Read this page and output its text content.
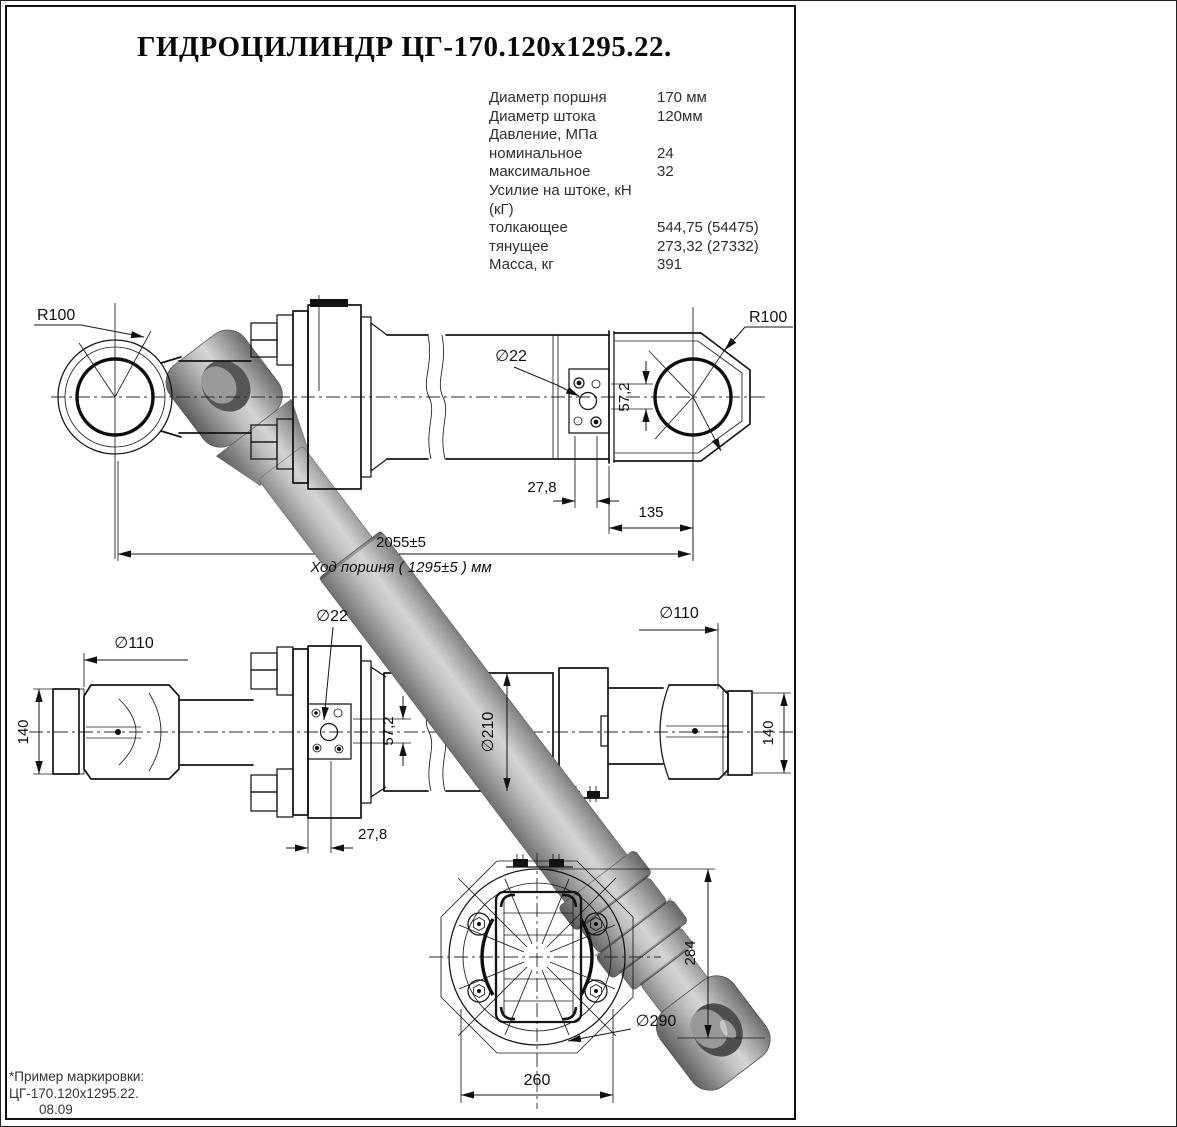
R100	R100
∅22
57,2
27,8
135
2055±5
Ход поршня ( 1295±5 ) мм
∅110
140
∅22
57,2	∅210
∅110
140
27,8
260
284
∅290
ГИДРОЦИЛИНДР ЦГ-170.120х1295.22.
Диаметр поршня	170 мм
Диаметр штока	120мм
Давление, МПа
номинальное	24
максимальное	32
Усилие на штоке, кН (кГ)
толкающее	544,75 (54475)
тянущее	273,32 (27332)
Масса, кг	391
*Пример маркировки:
ЦГ-170.120х1295.22.
08.09
